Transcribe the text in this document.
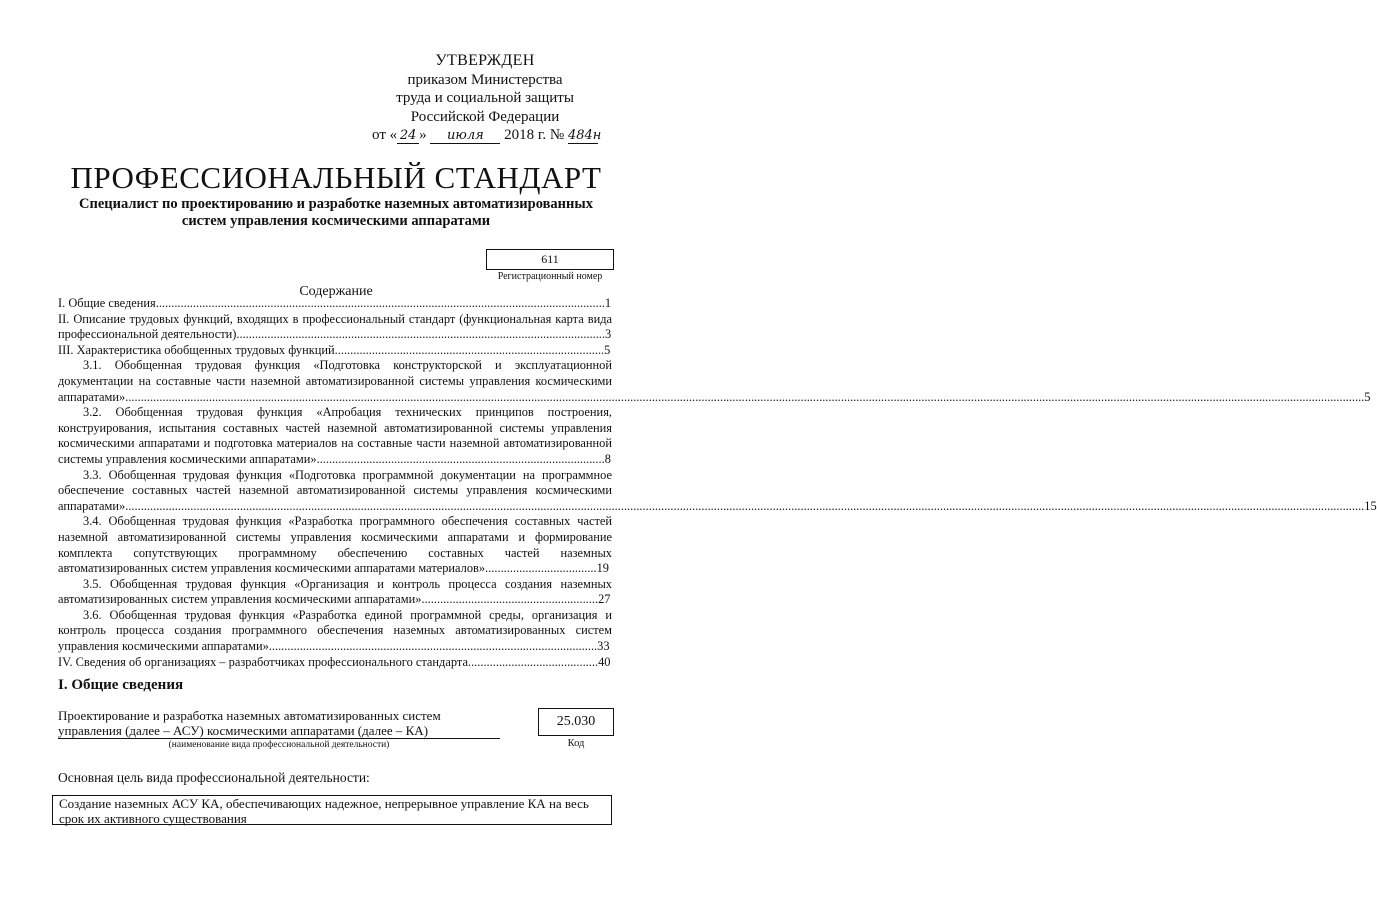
УТВЕРЖДЕН
приказом Министерства
труда и социальной защиты
Российской Федерации
от « 24 » июля 2018 г. № 484н
ПРОФЕССИОНАЛЬНЫЙ СТАНДАРТ
Специалист по проектированию и разработке наземных автоматизированных систем управления космическими аппаратами
611
Регистрационный номер
Содержание
I. Общие сведения.................................................................................................................................................1
II. Описание трудовых функций, входящих в профессиональный стандарт (функциональная карта вида профессиональной деятельности).......................................................................................................................3
III. Характеристика обобщенных трудовых функций.......................................................................................5
3.1. Обобщенная трудовая функция «Подготовка конструкторской и эксплуатационной документации на составные части наземной автоматизированной системы управления космическими аппаратами»................................................................................................................................................................................................................................................................................................................................................................................................................5
3.2. Обобщенная трудовая функция «Апробация технических принципов построения, конструирования, испытания составных частей наземной автоматизированной системы управления космическими аппаратами и подготовка материалов на составные части наземной автоматизированной системы управления космическими аппаратами».............................................................................................8
3.3. Обобщенная трудовая функция «Подготовка программной документации на программное обеспечение составных частей наземной автоматизированной системы управления космическими аппаратами»................................................................................................................................................................................................................................................................................................................................................................................................................15
3.4. Обобщенная трудовая функция «Разработка программного обеспечения составных частей наземной автоматизированной системы управления космическими аппаратами и формирование комплекта сопутствующих программному обеспечению составных частей наземных автоматизированных систем управления космическими аппаратами материалов»....................................19
3.5. Обобщенная трудовая функция «Организация и контроль процесса создания наземных автоматизированных систем управления космическими аппаратами».........................................................27
3.6. Обобщенная трудовая функция «Разработка единой программной среды, организация и контроль процесса создания программного обеспечения наземных автоматизированных систем управления космическими аппаратами»..........................................................................................................33
IV. Сведения об организациях – разработчиках профессионального стандарта..........................................40
I. Общие сведения
Проектирование и разработка наземных автоматизированных систем управления (далее – АСУ) космическими аппаратами (далее – КА)
(наименование вида профессиональной деятельности)
25.030
Код
Основная цель вида профессиональной деятельности:
Создание наземных АСУ КА, обеспечивающих надежное, непрерывное управление КА на весь срок их активного существования
